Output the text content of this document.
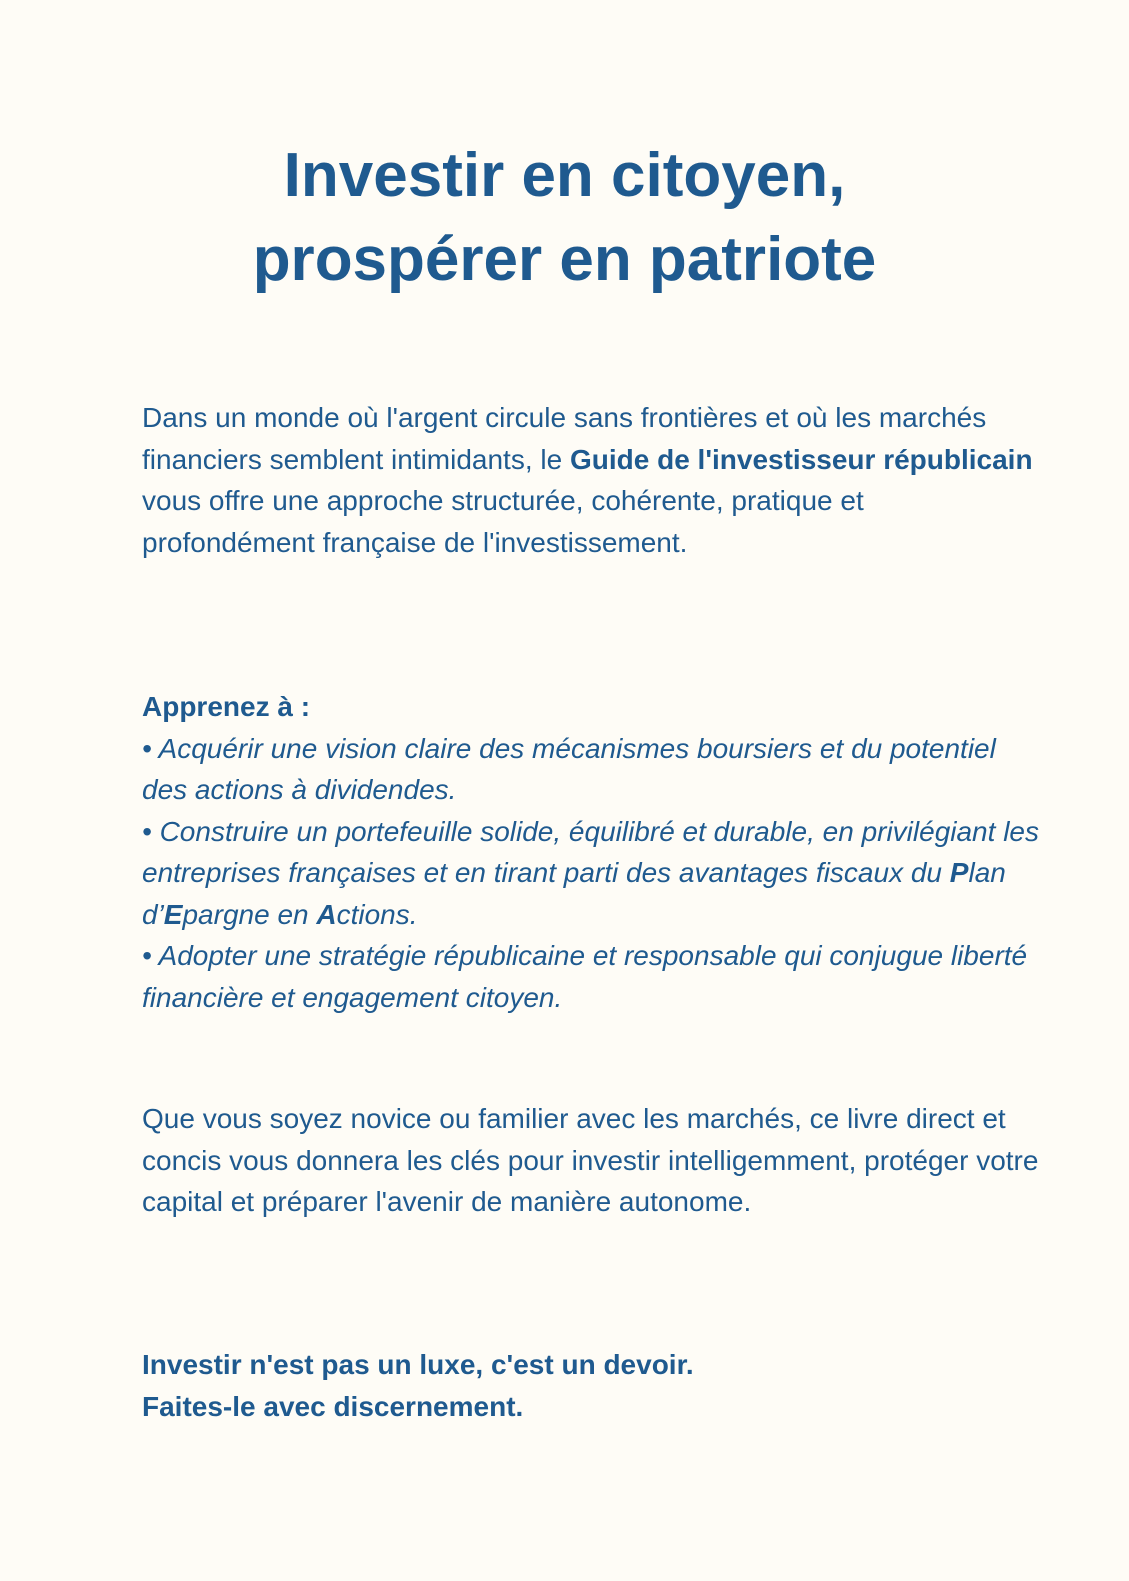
Investir en citoyen,
prospérer en patriote

Dans un monde où l'argent circule sans frontières et où les marchés financiers semblent intimidants, le Guide de l'investisseur républicain vous offre une approche structurée, cohérente, pratique et profondément française de l'investissement.

Apprenez à :
• Acquérir une vision claire des mécanismes boursiers et du potentiel des actions à dividendes.
• Construire un portefeuille solide, équilibré et durable, en privilégiant les entreprises françaises et en tirant parti des avantages fiscaux du Plan d’Epargne en Actions.
• Adopter une stratégie républicaine et responsable qui conjugue liberté financière et engagement citoyen.

Que vous soyez novice ou familier avec les marchés, ce livre direct et concis vous donnera les clés pour investir intelligemment, protéger votre capital et préparer l'avenir de manière autonome.

Investir n'est pas un luxe, c'est un devoir.
Faites-le avec discernement.
